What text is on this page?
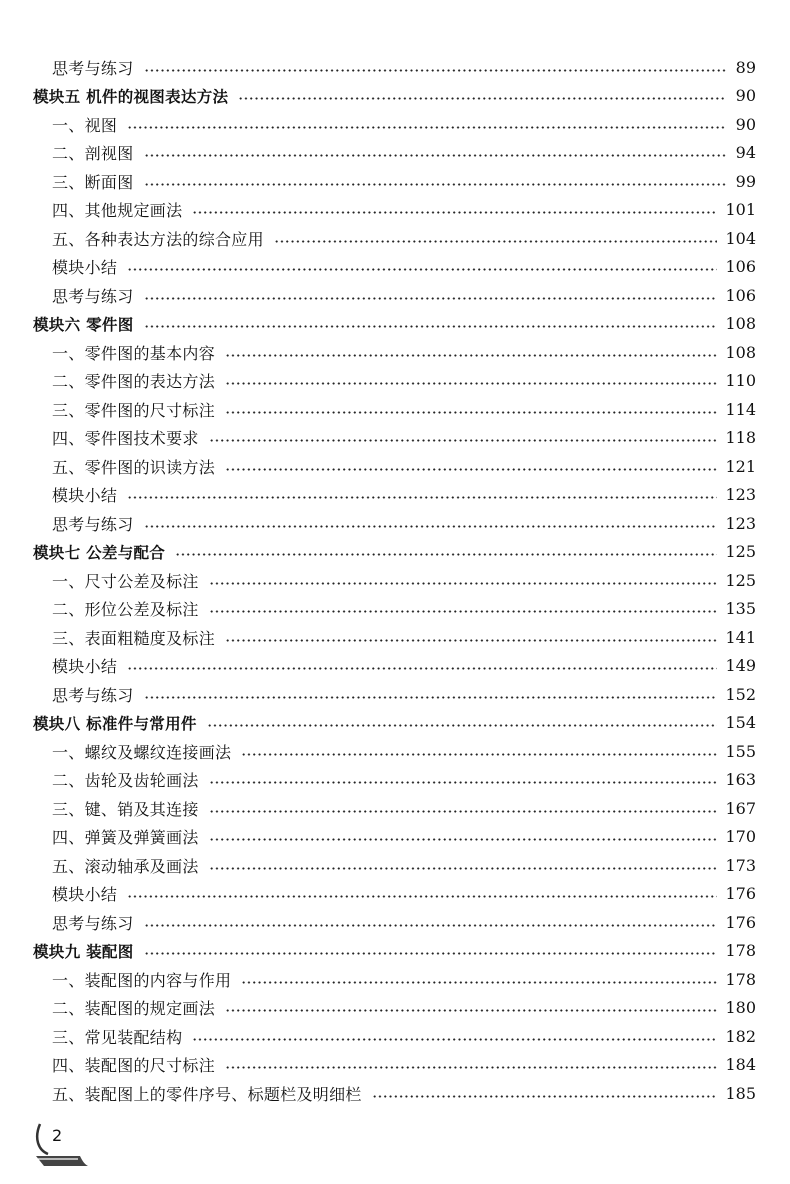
思考与练习	89
模块五 机件的视图表达方法	90
一、视图	90
二、剖视图	94
三、断面图	99
四、其他规定画法	101
五、各种表达方法的综合应用	104
模块小结	106
思考与练习	106
模块六 零件图	108
一、零件图的基本内容	108
二、零件图的表达方法	110
三、零件图的尺寸标注	114
四、零件图技术要求	118
五、零件图的识读方法	121
模块小结	123
思考与练习	123
模块七 公差与配合	125
一、尺寸公差及标注	125
二、形位公差及标注	135
三、表面粗糙度及标注	141
模块小结	149
思考与练习	152
模块八 标准件与常用件	154
一、螺纹及螺纹连接画法	155
二、齿轮及齿轮画法	163
三、键、销及其连接	167
四、弹簧及弹簧画法	170
五、滚动轴承及画法	173
模块小结	176
思考与练习	176
模块九 装配图	178
一、装配图的内容与作用	178
二、装配图的规定画法	180
三、常见装配结构	182
四、装配图的尺寸标注	184
五、装配图上的零件序号、标题栏及明细栏	185
2
